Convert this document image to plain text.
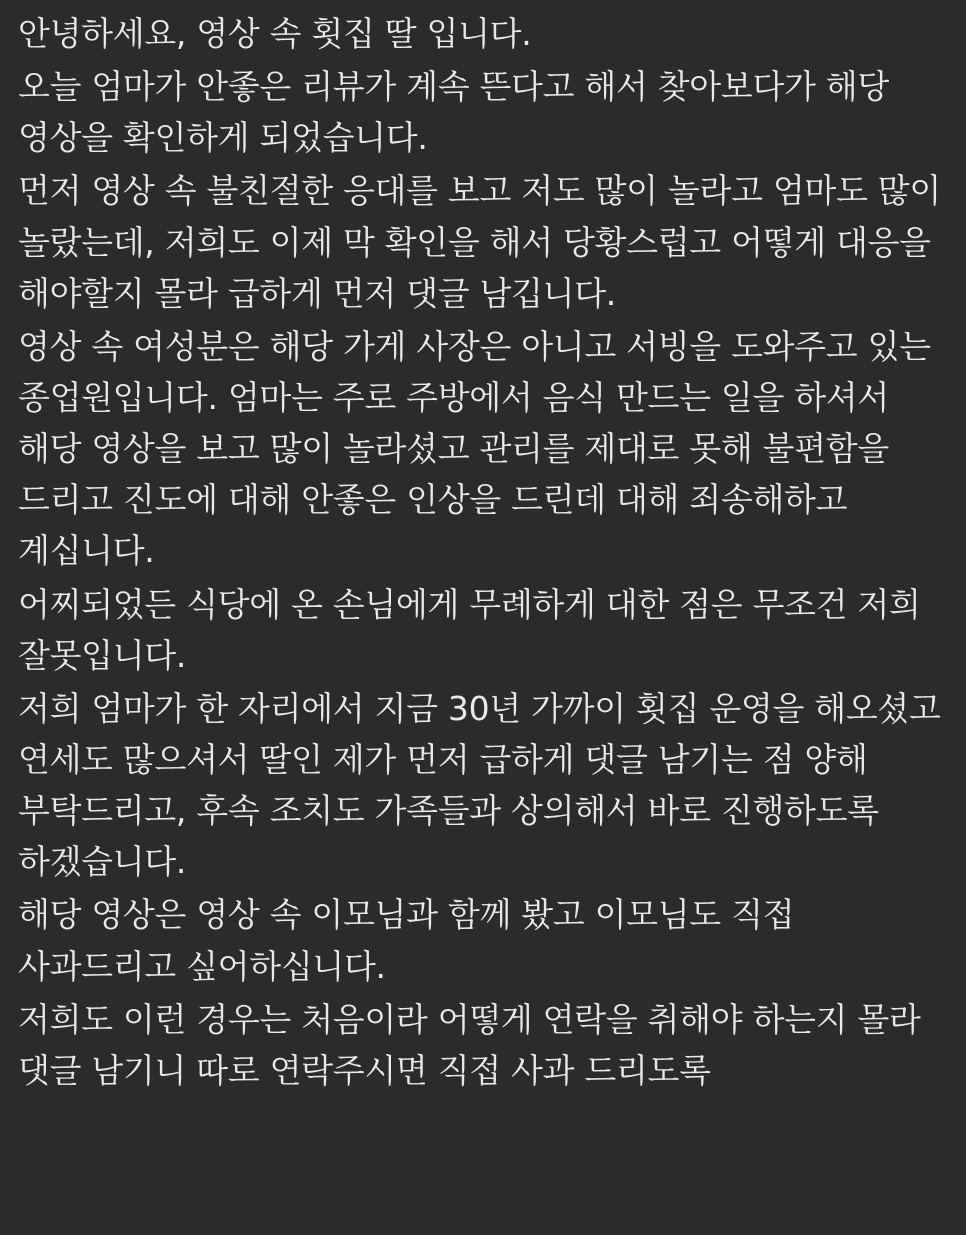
안녕하세요, 영상 속 횟집 딸 입니다.

오늘 엄마가 안좋은 리뷰가 계속 뜬다고 해서 찾아보다가 해당 영상을 확인하게 되었습니다.

먼저 영상 속 불친절한 응대를 보고 저도 많이 놀라고 엄마도 많이 놀랐는데, 저희도 이제 막 확인을 해서 당황스럽고 어떻게 대응을 해야할지 몰라 급하게 먼저 댓글 남깁니다.

영상 속 여성분은 해당 가게 사장은 아니고 서빙을 도와주고 있는 종업원입니다. 엄마는 주로 주방에서 음식 만드는 일을 하셔서 해당 영상을 보고 많이 놀라셨고 관리를 제대로 못해 불편함을 드리고 진도에 대해 안좋은 인상을 드린데 대해 죄송해하고 계십니다.

어찌되었든 식당에 온 손님에게 무례하게 대한 점은 무조건 저희 잘못입니다.

저희 엄마가 한 자리에서 지금 30년 가까이 횟집 운영을 해오셨고 연세도 많으셔서 딸인 제가 먼저 급하게 댓글 남기는 점 양해 부탁드리고, 후속 조치도 가족들과 상의해서 바로 진행하도록 하겠습니다.

해당 영상은 영상 속 이모님과 함께 봤고 이모님도 직접 사과드리고 싶어하십니다.

저희도 이런 경우는 처음이라 어떻게 연락을 취해야 하는지 몰라 댓글 남기니 따로 연락주시면 직접 사과 드리도록
